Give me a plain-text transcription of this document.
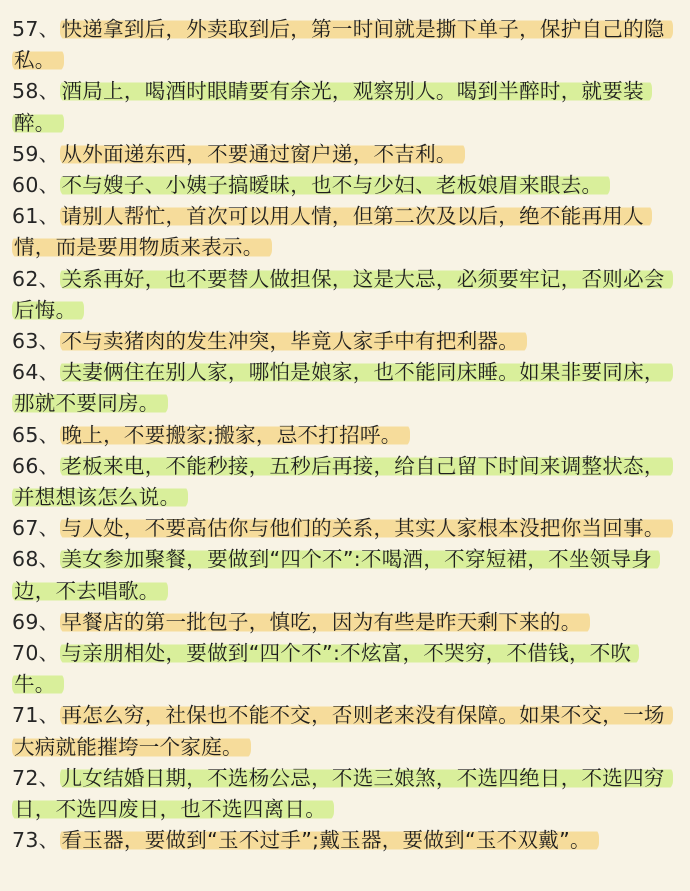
57、快递拿到后，外卖取到后，第一时间就是撕下单子，保护自己的隐私。
58、酒局上，喝酒时眼睛要有余光，观察别人。喝到半醉时，就要装醉。
59、从外面递东西，不要通过窗户递，不吉利。
60、不与嫂子、小姨子搞暧昧，也不与少妇、老板娘眉来眼去。
61、请别人帮忙，首次可以用人情，但第二次及以后，绝不能再用人情，而是要用物质来表示。
62、关系再好，也不要替人做担保，这是大忌，必须要牢记，否则必会后悔。
63、不与卖猪肉的发生冲突，毕竟人家手中有把利器。
64、夫妻俩住在别人家，哪怕是娘家，也不能同床睡。如果非要同床，那就不要同房。
65、晚上，不要搬家;搬家，忌不打招呼。
66、老板来电，不能秒接，五秒后再接，给自己留下时间来调整状态，并想想该怎么说。
67、与人处，不要高估你与他们的关系，其实人家根本没把你当回事。
68、美女参加聚餐，要做到“四个不”:不喝酒，不穿短裙，不坐领导身边，不去唱歌。
69、早餐店的第一批包子，慎吃，因为有些是昨天剩下来的。
70、与亲朋相处，要做到“四个不”:不炫富，不哭穷，不借钱，不吹牛。
71、再怎么穷，社保也不能不交，否则老来没有保障。如果不交，一场大病就能摧垮一个家庭。
72、儿女结婚日期，不选杨公忌，不选三娘煞，不选四绝日，不选四穷日，不选四废日，也不选四离日。
73、看玉器，要做到“玉不过手”;戴玉器，要做到“玉不双戴”。
